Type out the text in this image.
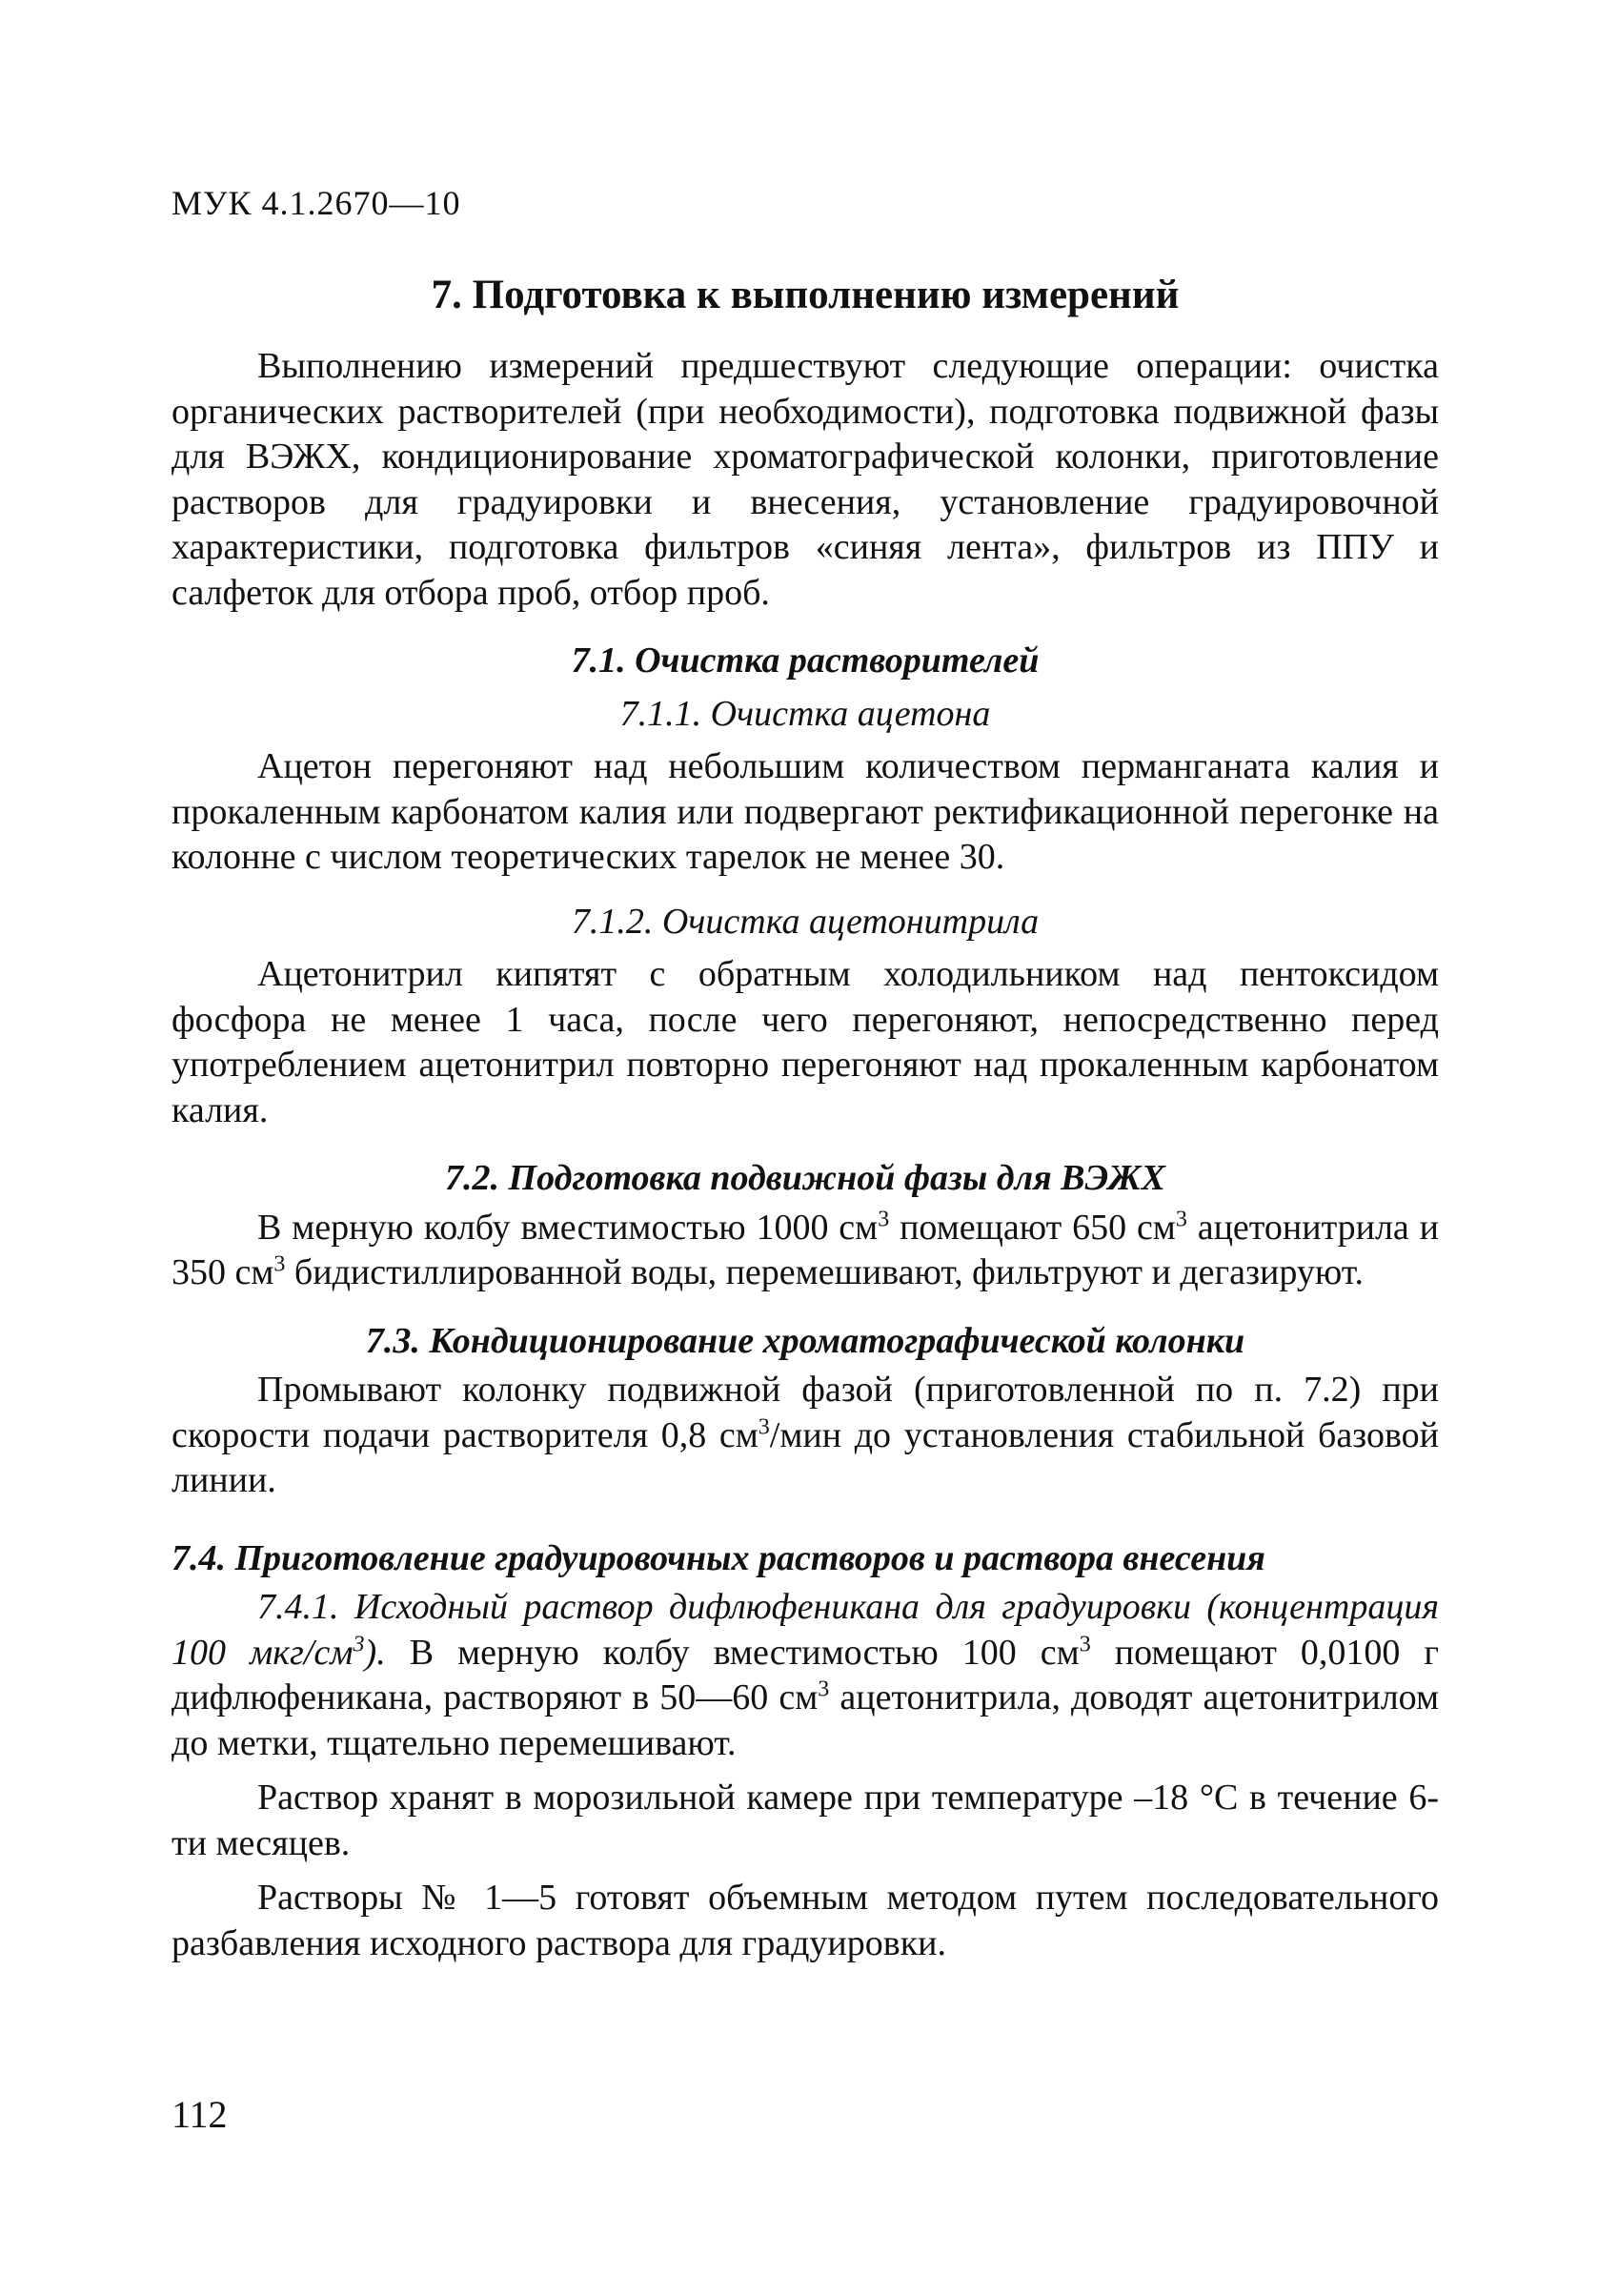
МУК 4.1.2670—10
7. Подготовка к выполнению измерений

Выполнению измерений предшествуют следующие операции: очистка органических растворителей (при необходимости), подготовка подвижной фазы для ВЭЖХ, кондиционирование хроматографической колонки, приготовление растворов для градуировки и внесения, установление градуировочной характеристики, подготовка фильтров «синяя лента», фильтров из ППУ и салфеток для отбора проб, отбор проб.

7.1. Очистка растворителей
7.1.1. Очистка ацетона

Ацетон перегоняют над небольшим количеством перманганата калия и прокаленным карбонатом калия или подвергают ректификационной перегонке на колонне с числом теоретических тарелок не менее 30.

7.1.2. Очистка ацетонитрила

Ацетонитрил кипятят с обратным холодильником над пентоксидом фосфора не менее 1 часа, после чего перегоняют, непосредственно перед употреблением ацетонитрил повторно перегоняют над прокаленным карбонатом калия.

7.2. Подготовка подвижной фазы для ВЭЖХ

В мерную колбу вместимостью 1000 $см^3$ помещают 650 $см^3$ ацетонитрила и 350 $см^3$ бидистиллированной воды, перемешивают, фильтруют и дегазируют.

7.3. Кондиционирование хроматографической колонки

Промывают колонку подвижной фазой (приготовленной по п. 7.2) при скорости подачи растворителя 0,8 $см^3$/мин до установления стабильной базовой линии.

7.4. Приготовление градуировочных растворов и раствора внесения

7.4.1. Исходный раствор дифлюфеникана для градуировки (концентрация 100 мкг/$см^3$). В мерную колбу вместимостью 100 $см^3$ помещают 0,0100 г дифлюфеникана, растворяют в 50—60 $см^3$ ацетонитрила, доводят ацетонитрилом до метки, тщательно перемешивают.

Раствор хранят в морозильной камере при температуре –18 °С в течение 6-ти месяцев.

Растворы № 1—5 готовят объемным методом путем последовательного разбавления исходного раствора для градуировки.

112
